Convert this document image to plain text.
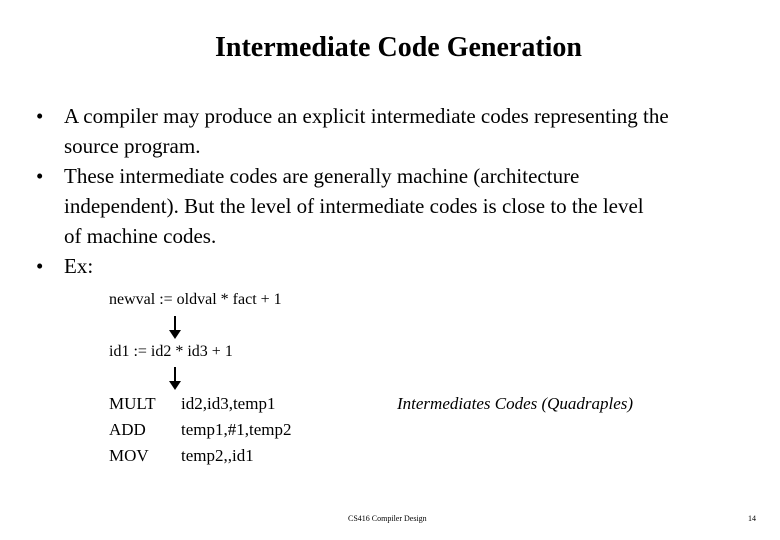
Intermediate Code Generation
• A compiler may produce an explicit intermediate codes representing the
source program.
• These intermediate codes are generally machine (architecture
independent). But the level of intermediate codes is close to the level
of machine codes.
• Ex:
newval := oldval * fact + 1
id1 := id2 * id3 + 1
MULT id2,id3,temp1
ADD temp1,#1,temp2
MOV temp2,,id1
Intermediates Codes (Quadraples)
CS416 Compiler Design	14
